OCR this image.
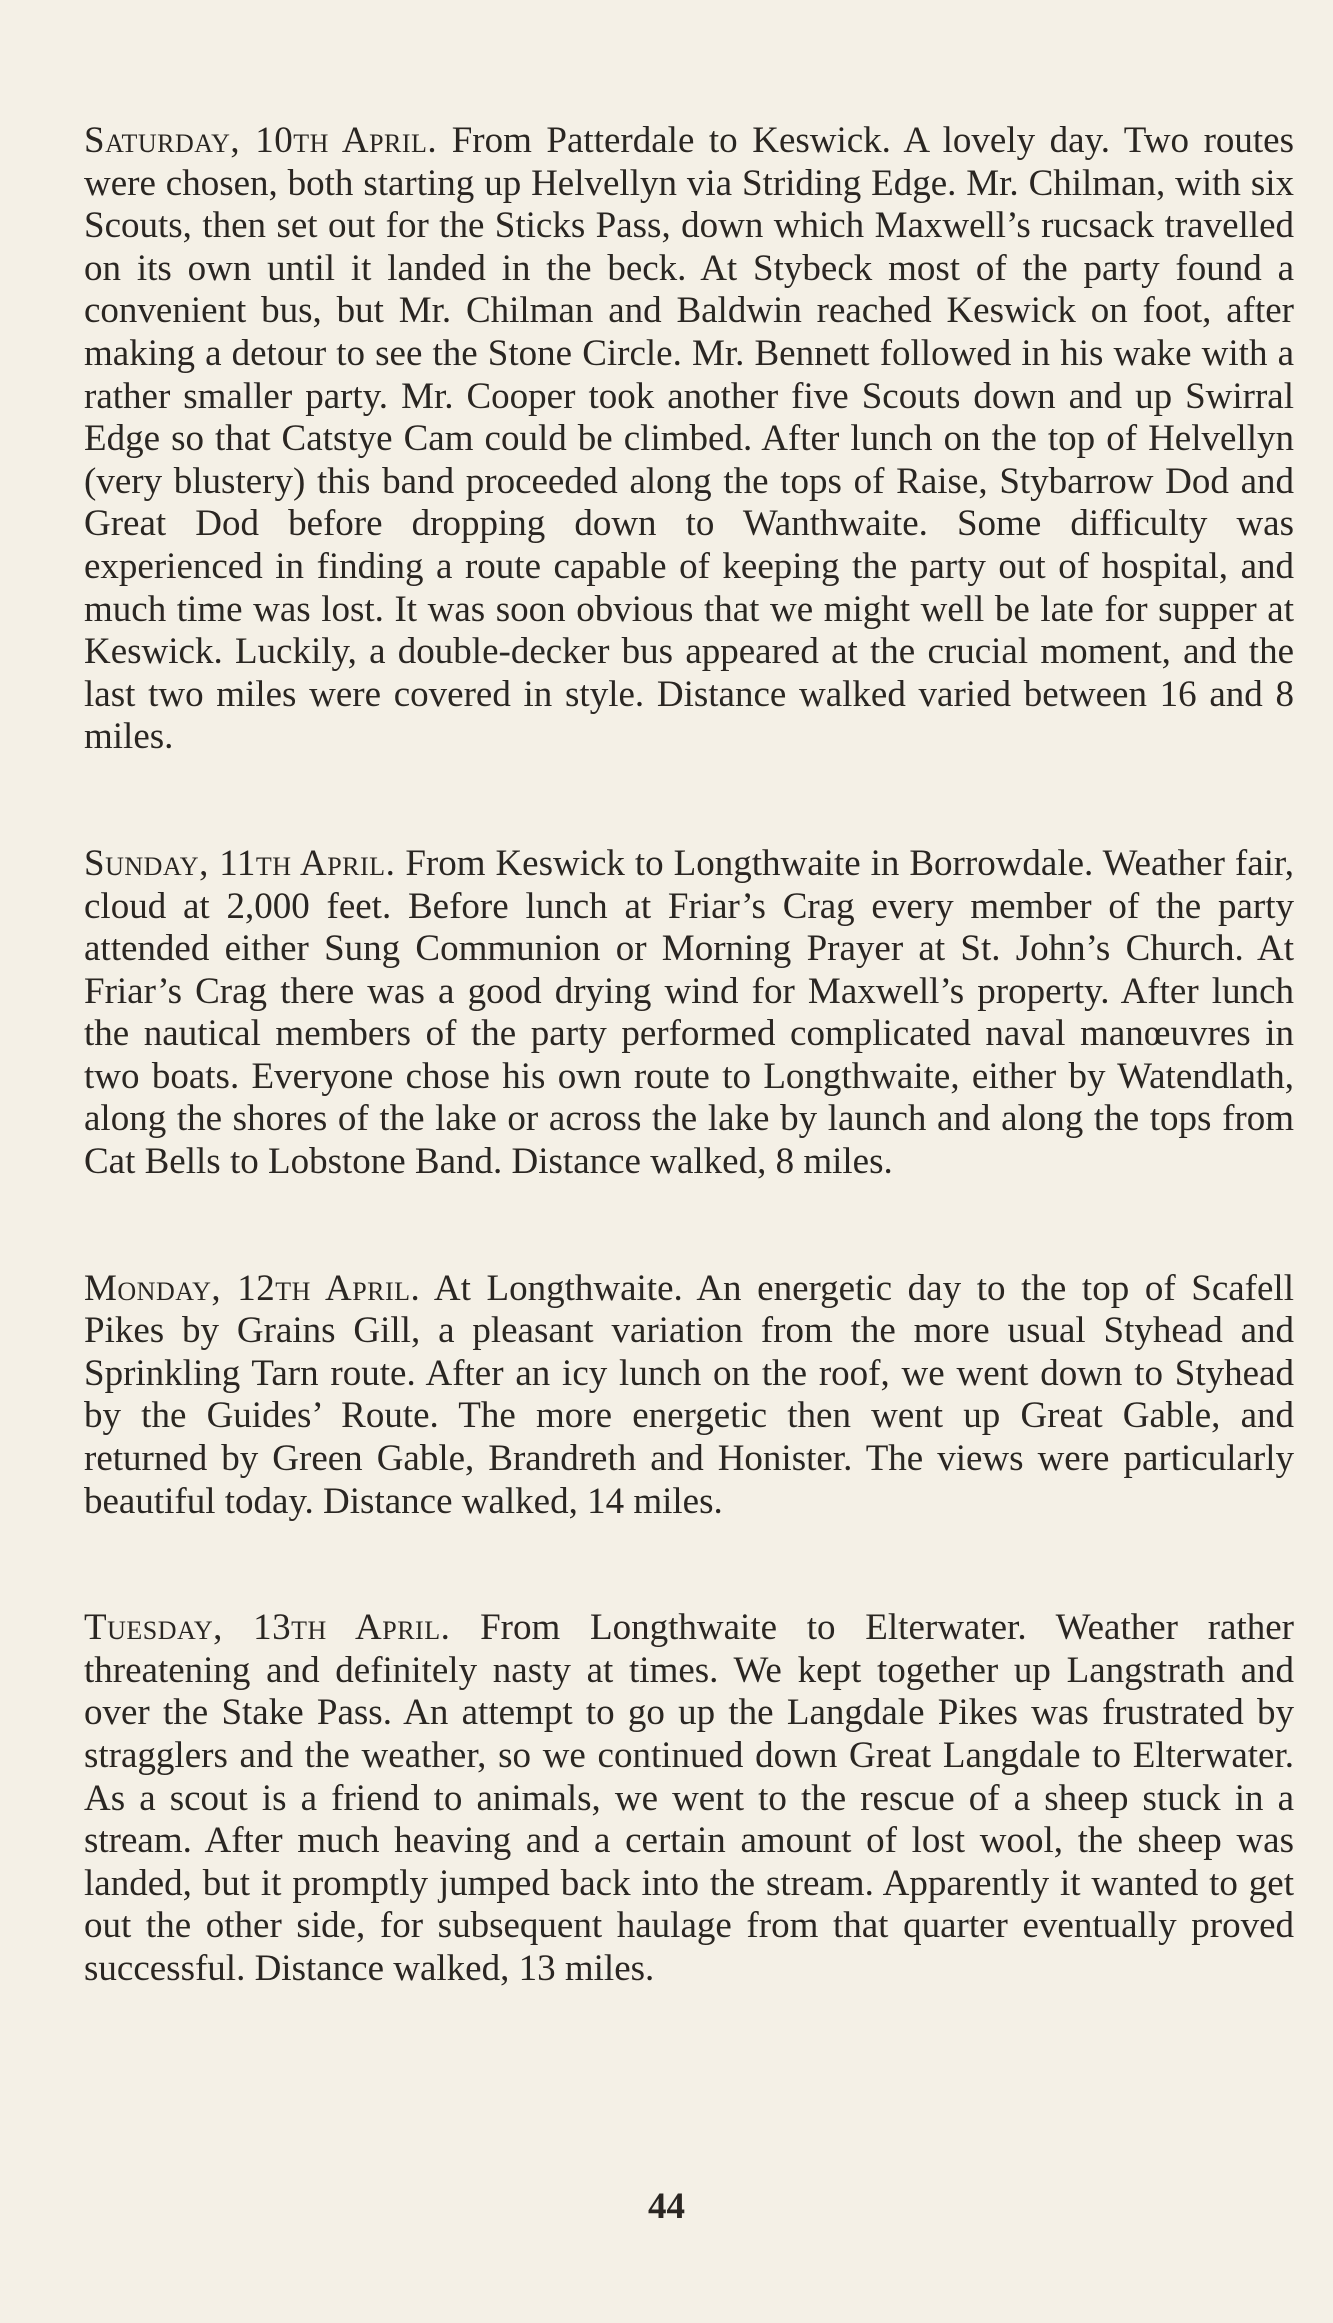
Saturday, 10th April. From Patterdale to Keswick. A lovely day. Two routes were chosen, both starting up Helvellyn via Striding Edge. Mr. Chilman, with six Scouts, then set out for the Sticks Pass, down which Maxwell’s rucsack travelled on its own until it landed in the beck. At Stybeck most of the party found a convenient bus, but Mr. Chilman and Baldwin reached Keswick on foot, after making a detour to see the Stone Circle. Mr. Bennett followed in his wake with a rather smaller party. Mr. Cooper took another five Scouts down and up Swirral Edge so that Catstye Cam could be climbed. After lunch on the top of Helvellyn (very blustery) this band proceeded along the tops of Raise, Stybarrow Dod and Great Dod before dropping down to Wanthwaite. Some difficulty was experienced in finding a route capable of keeping the party out of hospital, and much time was lost. It was soon obvious that we might well be late for supper at Keswick. Luckily, a double-decker bus appeared at the crucial moment, and the last two miles were covered in style. Distance walked varied between 16 and 8 miles.

Sunday, 11th April. From Keswick to Longthwaite in Borrowdale. Weather fair, cloud at 2,000 feet. Before lunch at Friar’s Crag every member of the party attended either Sung Communion or Morning Prayer at St. John’s Church. At Friar’s Crag there was a good drying wind for Maxwell’s property. After lunch the nautical members of the party performed complicated naval manœuvres in two boats. Everyone chose his own route to Longthwaite, either by Watendlath, along the shores of the lake or across the lake by launch and along the tops from Cat Bells to Lobstone Band. Distance walked, 8 miles.

Monday, 12th April. At Longthwaite. An energetic day to the top of Scafell Pikes by Grains Gill, a pleasant variation from the more usual Styhead and Sprinkling Tarn route. After an icy lunch on the roof, we went down to Styhead by the Guides’ Route. The more energetic then went up Great Gable, and returned by Green Gable, Brandreth and Honister. The views were particularly beautiful today. Distance walked, 14 miles.

Tuesday, 13th April. From Longthwaite to Elterwater. Weather rather threatening and definitely nasty at times. We kept together up Langstrath and over the Stake Pass. An attempt to go up the Langdale Pikes was frustrated by stragglers and the weather, so we continued down Great Langdale to Elterwater. As a scout is a friend to animals, we went to the rescue of a sheep stuck in a stream. After much heaving and a certain amount of lost wool, the sheep was landed, but it promptly jumped back into the stream. Apparently it wanted to get out the other side, for subsequent haulage from that quarter eventually proved successful. Distance walked, 13 miles.

44
